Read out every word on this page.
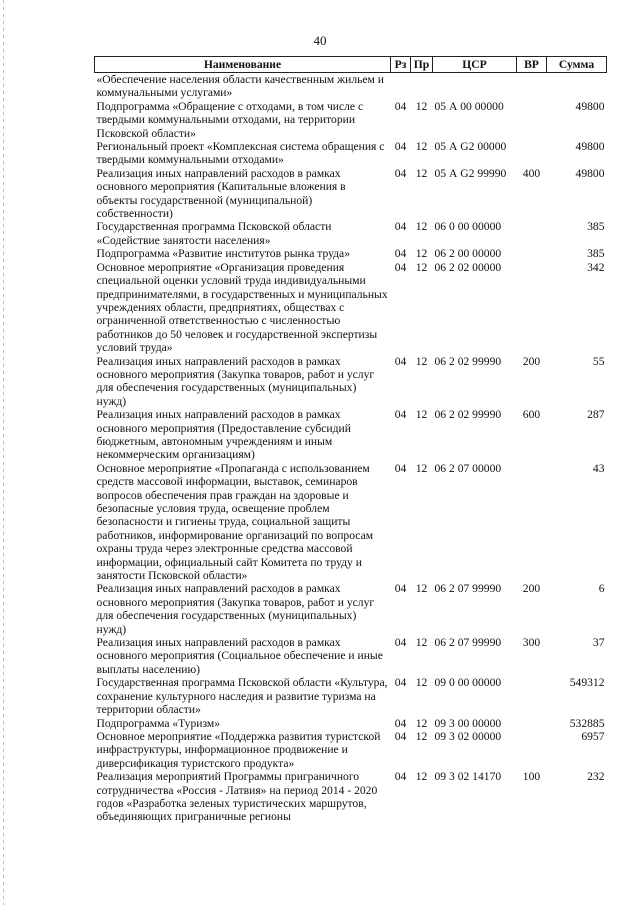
40
Наименование	Рз	Пр	ЦСР	ВР	Сумма
«Обеспечение населения области качественным жильем и коммунальными услугами»					
Подпрограмма «Обращение с отходами, в том числе с твердыми коммунальными отходами, на территории Псковской области»	04	12	05 А 00 00000		49800
Региональный проект «Комплексная система обращения с твердыми коммунальными отходами»	04	12	05 А G2 00000		49800
Реализация иных направлений расходов в рамках основного мероприятия (Капитальные вложения в объекты государственной (муниципальной) собственности)	04	12	05 А G2 99990	400	49800
Государственная программа Псковской области «Содействие занятости населения»	04	12	06 0 00 00000		385
Подпрограмма «Развитие институтов рынка труда»	04	12	06 2 00 00000		385
Основное мероприятие «Организация проведения специальной оценки условий труда индивидуальными предпринимателями, в государственных и муниципальных учреждениях области, предприятиях, обществах с ограниченной ответственностью с численностью работников до 50 человек и государственной экспертизы условий труда»	04	12	06 2 02 00000		342
Реализация иных направлений расходов в рамках основного мероприятия (Закупка товаров, работ и услуг для обеспечения государственных (муниципальных) нужд)	04	12	06 2 02 99990	200	55
Реализация иных направлений расходов в рамках основного мероприятия (Предоставление субсидий бюджетным, автономным учреждениям и иным некоммерческим организациям)	04	12	06 2 02 99990	600	287
Основное мероприятие «Пропаганда с использованием средств массовой информации, выставок, семинаров вопросов обеспечения прав граждан на здоровые и безопасные условия труда, освещение проблем безопасности и гигиены труда, социальной защиты работников, информирование организаций по вопросам охраны труда через электронные средства массовой информации, официальный сайт Комитета по труду и занятости Псковской области»	04	12	06 2 07 00000		43
Реализация иных направлений расходов в рамках основного мероприятия (Закупка товаров, работ и услуг для обеспечения государственных (муниципальных) нужд)	04	12	06 2 07 99990	200	6
Реализация иных направлений расходов в рамках основного мероприятия (Социальное обеспечение и иные выплаты населению)	04	12	06 2 07 99990	300	37
Государственная программа Псковской области «Культура, сохранение культурного наследия и развитие туризма на территории области»	04	12	09 0 00 00000		549312
Подпрограмма «Туризм»	04	12	09 3 00 00000		532885
Основное мероприятие «Поддержка развития туристской инфраструктуры, информационное продвижение и диверсификация туристского продукта»	04	12	09 3 02 00000		6957
Реализация мероприятий Программы приграничного сотрудничества «Россия - Латвия» на период 2014 - 2020 годов «Разработка зеленых туристических маршрутов, объединяющих приграничные регионы	04	12	09 3 02 14170	100	232
